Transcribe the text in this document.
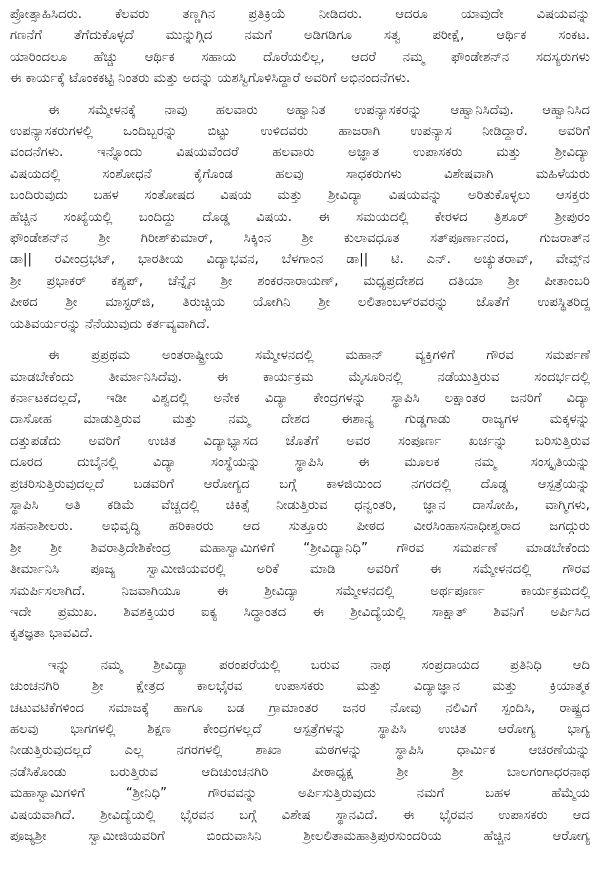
ಪ್ರೋತ್ಸಾಹಿಸಿದರು. ಕೆಲವರು ತಣ್ಣಗಿನ ಪ್ರತಿಕ್ರಿಯೆ ನೀಡಿದರು. ಆದರೂ ಯಾವುದೇ ವಿಷಯವನ್ನು
ಗಣನೆಗೆ ತೆಗೆದುಕೊಳ್ಳದೆ ಮುನ್ನುಗ್ಗಿದ ನಮಗೆ ಅಡಿಗಡಿಗೂ ಸತ್ವ ಪರೀಕ್ಷೆ, ಆರ್ಥಿಕ ಸಂಕಟ.
ಯಾರಿಂದಲೂ ಹೆಚ್ಚು ಆರ್ಥಿಕ ಸಹಾಯ ದೊರೆಯಲಿಲ್ಲ, ಆದರೆ ನಮ್ಮ ಫೌಂಡೇಶನ್‌ನ ಸದಸ್ಯರುಗಳು
ಈ ಕಾರ್ಯಕ್ಕೆ ಟೊಂಕಕಟ್ಟಿ ನಿಂತರು ಮತ್ತು ಅದನ್ನು ಯಶಸ್ವಿಗೊಳಿಸಿದ್ದಾರೆ ಅವರಿಗೆ ಅಭಿನಂದನೆಗಳು.

ಈ ಸಮ್ಮೇಳನಕ್ಕೆ ನಾವು ಹಲವಾರು ಅಹ್ವಾನಿತ ಉಪನ್ಯಾಸಕರನ್ನು ಆಹ್ವಾನಿಸಿದೆವು. ಆಹ್ವಾನಿಸಿದ
ಉಪನ್ಯಾಸಕರುಗಳಲ್ಲಿ ಒಂದಿಬ್ಬರನ್ನು ಬಿಟ್ಟು ಉಳಿದವರು ಹಾಜರಾಗಿ ಉಪನ್ಯಾಸ ನೀಡಿದ್ದಾರೆ. ಅವರಿಗೆ
ವಂದನೆಗಳು. ಇನ್ನೊಂದು ವಿಷಯವೆಂದರೆ ಹಲವಾರು ಅಜ್ಞಾತ ಉಪಾಸಕರು ಮತ್ತು ಶ್ರೀವಿದ್ಯಾ
ವಿಷಯದಲ್ಲಿ ಸಂಶೋಧನೆ ಕೈಗೊಂಡ ಹಲವು ಸಾಧಕರುಗಳು ವಿಶೇಷವಾಗಿ ಮಹಿಳೆಯರು
ಬಂದಿರುವುದು ಬಹಳ ಸಂತೋಷದ ವಿಷಯ ಮತ್ತು ಶ್ರೀವಿದ್ಯಾ ವಿಷಯವನ್ನು ಅರಿತುಕೊಳ್ಳಲು ಆಸಕ್ತರು
ಹೆಚ್ಚಿನ ಸಂಖ್ಯೆಯಲ್ಲಿ ಬಂದಿದ್ದು ದೊಡ್ಡ ವಿಷಯ. ಈ ಸಮಯದಲ್ಲಿ ಕೇರಳದ ತ್ರಿಶೂರ್ ಶ್ರೀಪುರಂ
ಫೌಂಡೇಶನ್‌ನ ಶ್ರೀ ಗಿರೀಶ್‌ಕುಮಾರ್, ಸಿಕ್ಕಿಂನ ಶ್ರೀ ಕುಲಾವಧೂತ ಸತ್‌ಪೂರ್ಣಾನಂದ, ಗುಜರಾತ್‌ನ
ಡಾ|| ರವೀಂದ್ರಭಟ್, ಭಾರತೀಯ ವಿದ್ಯಾಭವನ, ಬೆಳಗಾಂನ ಡಾ|| ಟಿ. ಎನ್. ಅಚ್ಯುತರಾವ್, ವೇವ್ಸ್‌ನ
ಶ್ರೀ ಪ್ರಭಾಕರ್ ಕಶ್ಯಪ್, ಚೆನ್ನೈನ ಶ್ರೀ ಶಂಕರನಾರಾಯಣ್, ಮಧ್ಯಪ್ರದೇಶದ ದತಿಯಾ ಶ್ರೀ ಪೀತಾಂಬರಿ
ಪೀಠದ ಶ್ರೀ ಮಾಸ್ಟರ್‌ಜಿ, ತಿರುಚ್ಚಿಯ ಯೋಗಿನಿ ಶ್ರೀ ಲಲಿತಾಂಬಳ್‌ರವರನ್ನು ಜೊತೆಗೆ ಉಪಸ್ಥಿತರಿದ್ದ
ಯತಿವರ್ಯರನ್ನು ನೆನೆಯುವುದು ಕರ್ತವ್ಯವಾಗಿದೆ.

ಈ ಪ್ರಪ್ರಥಮ ಅಂತರಾಷ್ಟ್ರೀಯ ಸಮ್ಮೇಳನದಲ್ಲಿ ಮಹಾನ್ ವ್ಯಕ್ತಿಗಳಿಗೆ ಗೌರವ ಸಮರ್ಪಣೆ
ಮಾಡಬೇಕೆಂದು ತೀರ್ಮಾನಿಸಿದೆವು. ಈ ಕಾರ್ಯಕ್ರಮ ಮೈಸೂರಿನಲ್ಲಿ ನಡೆಯುತ್ತಿರುವ ಸಂದರ್ಭದಲ್ಲಿ
ಕರ್ನಾಟಕದಲ್ಲದೆ, ಇಡೀ ವಿಶ್ವದಲ್ಲಿ ಅನೇಕ ವಿದ್ಯಾ ಕೇಂದ್ರಗಳನ್ನು ಸ್ಥಾಪಿಸಿ ಲಕ್ಷಾಂತರ ಜನರಿಗೆ ವಿದ್ಯಾ
ದಾಸೋಹ ಮಾಡುತ್ತಿರುವ ಮತ್ತು ನಮ್ಮ ದೇಶದ ಈಶಾನ್ಯ ಗುಡ್ಡಗಾಡು ರಾಜ್ಯಗಳ ಮಕ್ಕಳನ್ನು
ದತ್ತುಪಡೆದು ಅವರಿಗೆ ಉಚಿತ ವಿದ್ಯಾಭ್ಯಾಸದ ಜೊತೆಗೆ ಅವರ ಸಂಪೂರ್ಣ ಖರ್ಚನ್ನು ಬರಿಸುತ್ತಿರುವ
ದೂರದ ದುಬೈನಲ್ಲಿ ವಿದ್ಯಾ ಸಂಸ್ಥೆಯನ್ನು ಸ್ಥಾಪಿಸಿ ಈ ಮೂಲಕ ನಮ್ಮ ಸಂಸ್ಕೃತಿಯನ್ನು
ಪ್ರಚರಿಸುತ್ತಿರುವುದಲ್ಲದೆ ಬಡವರಿಗೆ ಆರೋಗ್ಯದ ಬಗ್ಗೆ ಕಾಳಜಿಯಿಂದ ನಗರದಲ್ಲಿ ದೊಡ್ಡ ಆಸ್ಪತ್ರೆಯನ್ನು
ಸ್ಥಾಪಿಸಿ ಅತಿ ಕಡಿಮೆ ವೆಚ್ಚದಲ್ಲಿ ಚಿಕಿತ್ಸೆ ನೀಡುತ್ತಿರುವ ಧನ್ವಂತರಿ, ಜ್ಞಾನ ದಾಸೋಹಿ, ವಾಗ್ಮಿಗಳು,
ಸಹನಾಶೀಲರು. ಅಭಿವೃದ್ಧಿ ಹರಿಕಾರರು ಆದ ಸುತ್ತೂರು ಪೀಠದ ವೀರಸಿಂಹಾಸನಾಧೀಶ್ವರಾದ ಜಗದ್ಗುರು
ಶ್ರೀ ಶ್ರೀ ಶಿವರಾತ್ರಿದೇಶಿಕೇಂದ್ರ ಮಹಾಸ್ವಾಮಿಗಳಿಗೆ “ಶ್ರೀವಿದ್ಯಾನಿಧಿ” ಗೌರವ ಸಮರ್ಪಣೆ ಮಾಡಬೇಕೆಂದು
ತೀರ್ಮಾನಿಸಿ ಪೂಜ್ಯ ಸ್ವಾಮೀಜಿಯವರಲ್ಲಿ ಅರಿಕೆ ಮಾಡಿ ಅವರಿಗೆ ಈ ಸಮ್ಮೇಳನದಲ್ಲಿ ಗೌರವ
ಸಮರ್ಪಿಸಲಾಗಿದೆ. ನಿಜವಾಗಿಯೂ ಈ ಶ್ರೀವಿದ್ಯಾ ಸಮ್ಮೇಳನದಲ್ಲಿ ಅರ್ಥಪೂರ್ಣ ಕಾರ್ಯಕ್ರಮದಲ್ಲಿ
ಇದೇ ಪ್ರಮುಖ. ಶಿವಶಕ್ತಿಯರ ಐಕ್ಯ ಸಿದ್ಧಾಂತದ ಈ ಶ್ರೀವಿದ್ಯೆಯಲ್ಲಿ ಸಾಕ್ಷಾತ್ ಶಿವನಿಗೆ ಅರ್ಪಿಸಿದ
ಕೃತಜ್ಞತಾ ಭಾವವಿದೆ.

ಇನ್ನು ನಮ್ಮ ಶ್ರೀವಿದ್ಯಾ ಪರಂಪರೆಯಲ್ಲಿ ಬರುವ ನಾಥ ಸಂಪ್ರದಾಯದ ಪ್ರತಿನಿಧಿ ಆದಿ
ಚುಂಚನಗಿರಿ ಶ್ರೀ ಕ್ಷೇತ್ರದ ಕಾಲಭೈರವ ಉಪಾಸಕರು ಮತ್ತು ವಿದ್ಯಾಜ್ಞಾನ ಮತ್ತು ಕ್ರಿಯಾತ್ಮಕ
ಚಟುವಟಿಕೆಗಳಿಂದ ಸಮಾಜಕ್ಕೆ ಹಾಗೂ ಬಡ ಗ್ರಾಮಾಂತರ ಜನರ ನೋವು ನಲಿವಿಗೆ ಸ್ಪಂದಿಸಿ, ರಾಷ್ಟ್ರದ
ಹಲವು ಭಾಗಗಳಲ್ಲಿ ಶಿಕ್ಷಣ ಕೇಂದ್ರಗಳಲ್ಲದೆ ಆಸ್ಪತ್ರೆಗಳನ್ನು ಸ್ಥಾಪಿಸಿ ಉಚಿತ ಆರೋಗ್ಯ ಭಾಗ್ಯ
ನೀಡುತ್ತಿರುವುದಲ್ಲದೆ ಎಲ್ಲ ನಗರಗಳಲ್ಲಿ ಶಾಖಾ ಮಠಗಳನ್ನು ಸ್ಥಾಪಿಸಿ ಧಾರ್ಮಿಕ ಆಚರಣೆಯನ್ನು
ನಡೆಸಿಕೊಂಡು ಬರುತ್ತಿರುವ ಆದಿಚುಂಚನಗಿರಿ ಪೀಠಾಧ್ಯಕ್ಷ ಶ್ರೀ ಶ್ರೀ ಬಾಲಗಂಗಾಧರನಾಥ
ಮಹಾಸ್ವಾಮಿಗಳಿಗೆ “ಶ್ರೀನಿಧಿ” ಗೌರವವನ್ನು ಅರ್ಪಿಸುತ್ತಿರುವುದು ನಮಗೆ ಬಹಳ ಹೆಮ್ಮೆಯ
ವಿಷಯವಾಗಿದೆ. ಶ್ರೀವಿದ್ಯೆಯಲ್ಲಿ ಭೈರವನ ಬಗ್ಗೆ ವಿಶೇಷ ಸ್ಥಾನವಿದೆ. ಈ ಭೈರವನ ಉಪಾಸಕರು ಆದ
ಪೂಜ್ಯಶ್ರೀ ಸ್ವಾಮೀಜಿಯವರಿಗೆ ಬಿಂದುವಾಸಿನಿ ಶ್ರೀಲಲಿತಾಮಹಾತ್ರಿಪುರಸುಂದರಿಯ ಹೆಚ್ಚಿನ ಆರೋಗ್ಯ
